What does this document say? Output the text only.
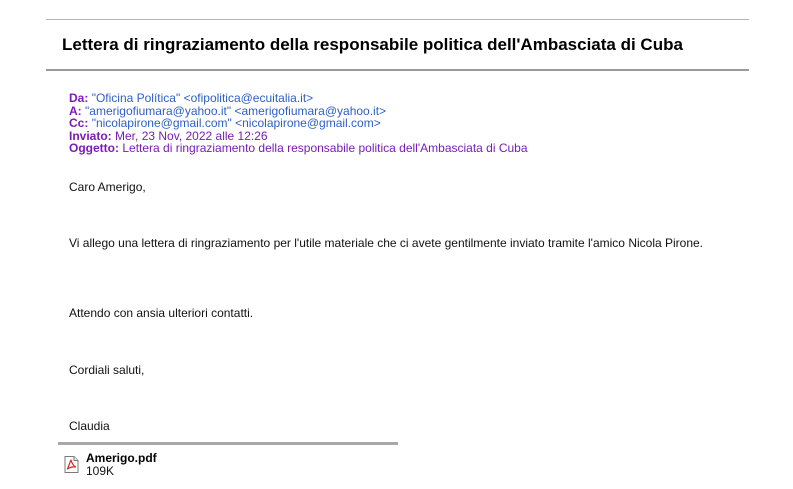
Lettera di ringraziamento della responsabile politica dell'Ambasciata di Cuba
Da: "Oficina Política" <ofipolitica@ecuitalia.it>
A: "amerigofiumara@yahoo.it" <amerigofiumara@yahoo.it>
Cc: "nicolapirone@gmail.com" <nicolapirone@gmail.com>
Inviato: Mer, 23 Nov, 2022 alle 12:26
Oggetto: Lettera di ringraziamento della responsabile politica dell'Ambasciata di Cuba
Caro Amerigo,
Vi allego una lettera di ringraziamento per l'utile materiale che ci avete gentilmente inviato tramite l'amico Nicola Pirone.
Attendo con ansia ulteriori contatti.
Cordiali saluti,
Claudia
Amerigo.pdf
109K
